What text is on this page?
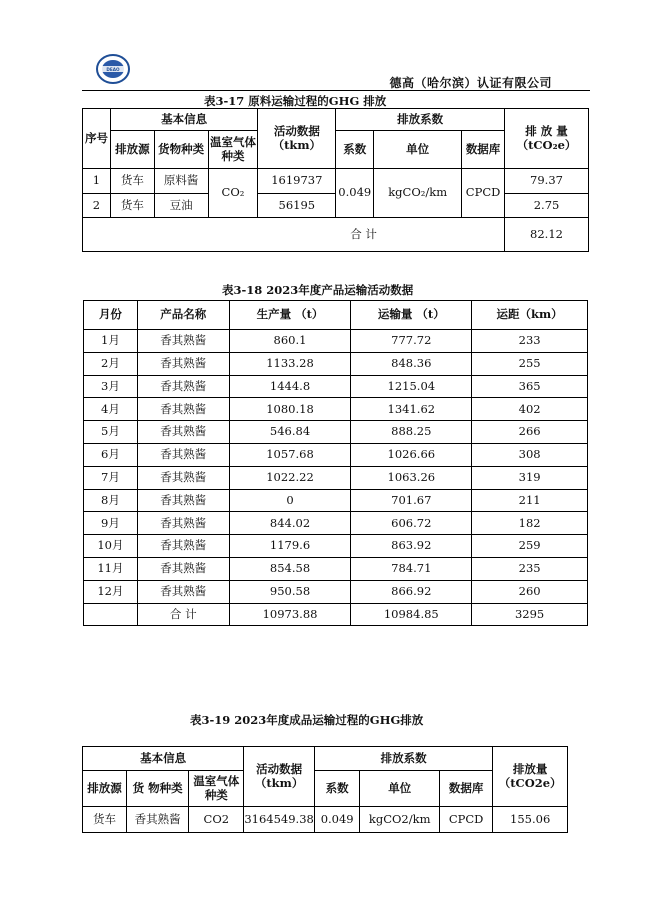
DEAO
德高（哈尔滨）认证有限公司
表3-17 原料运输过程的GHG 排放
序号	基本信息			活动数据（tkm）	排放系数			排 放 量（tCO₂e）
	排放源	货物种类	温室气体种类		系数	单位	数据库	
1	货车	原料酱	CO₂	1619737	0.049	kgCO₂/km	CPCD	79.37
2	货车	豆油		56195				2.75
合 计								82.12
表3-18 2023年度产品运输活动数据
月份	产品名称	生产量 （t）	运输量 （t）	运距（km）
1月	香其熟酱	860.1	777.72	233
2月	香其熟酱	1133.28	848.36	255
3月	香其熟酱	1444.8	1215.04	365
4月	香其熟酱	1080.18	1341.62	402
5月	香其熟酱	546.84	888.25	266
6月	香其熟酱	1057.68	1026.66	308
7月	香其熟酱	1022.22	1063.26	319
8月	香其熟酱	0	701.67	211
9月	香其熟酱	844.02	606.72	182
10月	香其熟酱	1179.6	863.92	259
11月	香其熟酱	854.58	784.71	235
12月	香其熟酱	950.58	866.92	260
	合 计	10973.88	10984.85	3295
表3-19 2023年度成品运输过程的GHG排放
基本信息			活动数据（tkm）	排放系数			排放量（tCO2e）
排放源	货 物种类	温室气体种类		系数	单位	数据库	
货车	香其熟酱	CO2	3164549.38	0.049	kgCO2/km	CPCD	155.06
